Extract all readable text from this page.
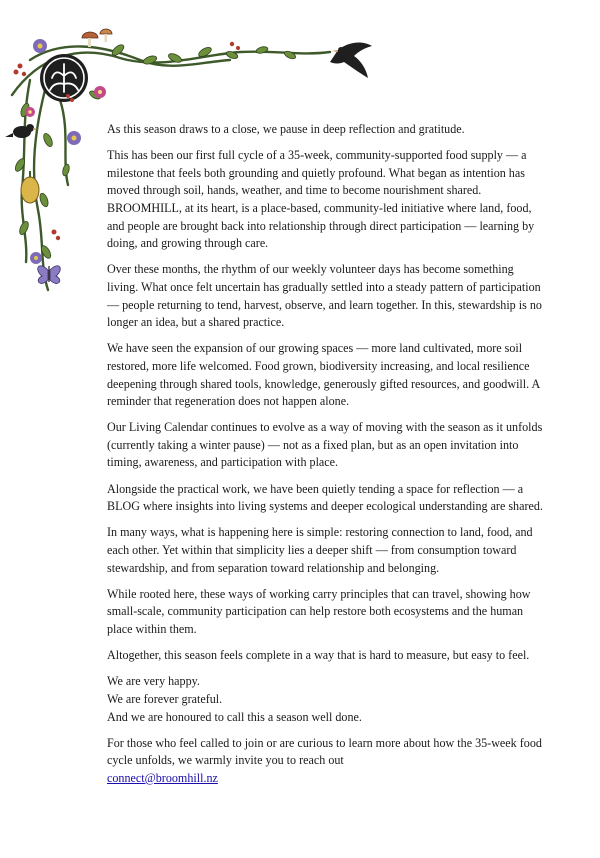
As this season draws to a close, we pause in deep reflection and gratitude.

This has been our first full cycle of a 35-week, community-supported food supply — a milestone that feels both grounding and quietly profound. What began as intention has moved through soil, hands, weather, and time to become nourishment shared. BROOMHILL, at its heart, is a place-based, community-led initiative where land, food, and people are brought back into relationship through direct participation — learning by doing, and growing through care.

Over these months, the rhythm of our weekly volunteer days has become something living. What once felt uncertain has gradually settled into a steady pattern of participation — people returning to tend, harvest, observe, and learn together. In this, stewardship is no longer an idea, but a shared practice.

We have seen the expansion of our growing spaces — more land cultivated, more soil restored, more life welcomed. Food grown, biodiversity increasing, and local resilience deepening through shared tools, knowledge, generously gifted resources, and goodwill. A reminder that regeneration does not happen alone.

Our Living Calendar continues to evolve as a way of moving with the season as it unfolds (currently taking a winter pause) — not as a fixed plan, but as an open invitation into timing, awareness, and participation with place.

Alongside the practical work, we have been quietly tending a space for reflection — a BLOG where insights into living systems and deeper ecological understanding are shared.

In many ways, what is happening here is simple: restoring connection to land, food, and each other. Yet within that simplicity lies a deeper shift — from consumption toward stewardship, and from separation toward relationship and belonging.

While rooted here, these ways of working carry principles that can travel, showing how small-scale, community participation can help restore both ecosystems and the human place within them.

Altogether, this season feels complete in a way that is hard to measure, but easy to feel.

We are very happy.

We are forever grateful.

And we are honoured to call this a season well done.

For those who feel called to join or are curious to learn more about how the 35-week food cycle unfolds, we warmly invite you to reach out
connect@broomhill.nz
